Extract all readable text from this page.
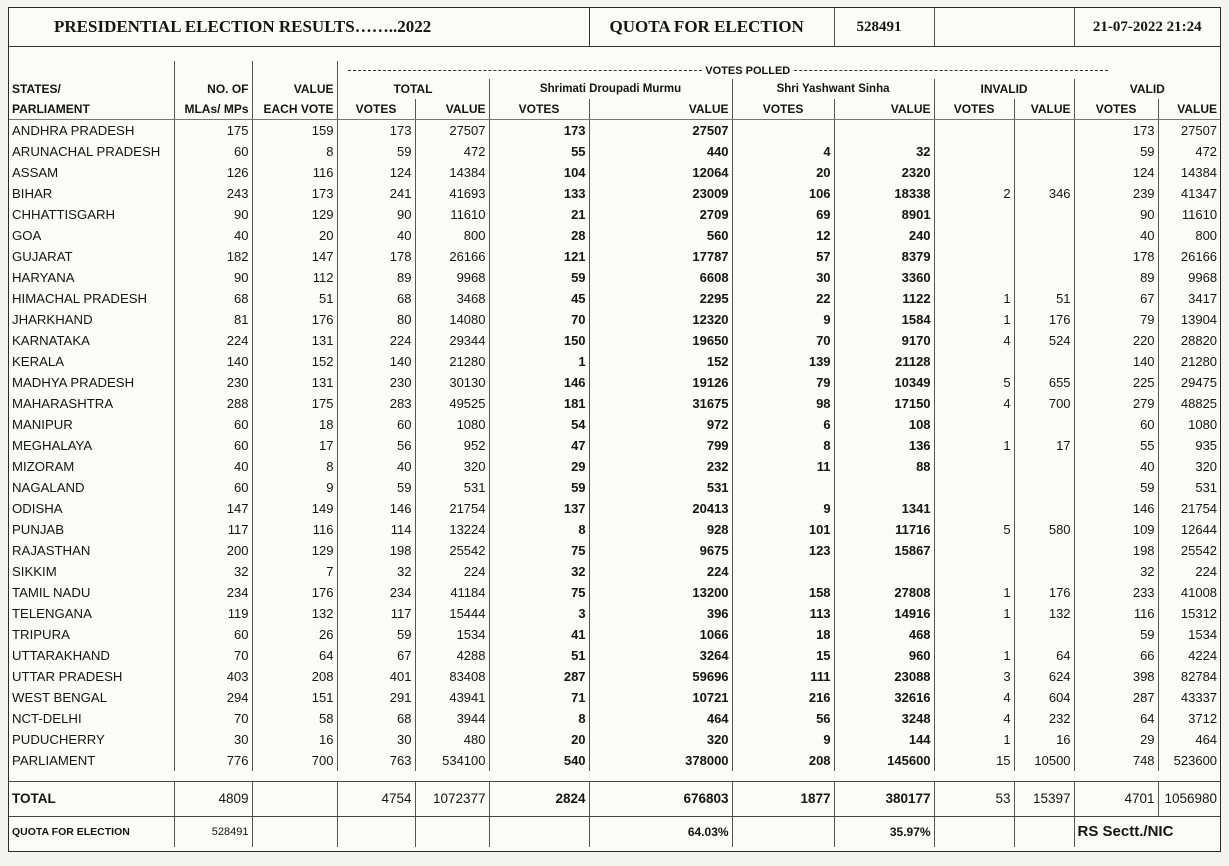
PRESIDENTIAL ELECTION RESULTS……..2022						QUOTA FOR ELECTION		528491			21-07-2022 21:24	

VOTES POLLED									

STATES/	NO. OF	VALUE	TOTAL		Shrimati Droupadi Murmu		Shri Yashwant Sinha		INVALID		VALID	
PARLIAMENT	MLAs/ MPs	EACH VOTE	VOTES	VALUE	VOTES	VALUE	VOTES	VALUE	VOTES	VALUE	VOTES	VALUE
ANDHRA PRADESH	175	159	173	27507	173	27507					173	27507
ARUNACHAL PRADESH	60	8	59	472	55	440	4	32			59	472
ASSAM	126	116	124	14384	104	12064	20	2320			124	14384
BIHAR	243	173	241	41693	133	23009	106	18338	2	346	239	41347
CHHATTISGARH	90	129	90	11610	21	2709	69	8901			90	11610
GOA	40	20	40	800	28	560	12	240			40	800
GUJARAT	182	147	178	26166	121	17787	57	8379			178	26166
HARYANA	90	112	89	9968	59	6608	30	3360			89	9968
HIMACHAL PRADESH	68	51	68	3468	45	2295	22	1122	1	51	67	3417
JHARKHAND	81	176	80	14080	70	12320	9	1584	1	176	79	13904
KARNATAKA	224	131	224	29344	150	19650	70	9170	4	524	220	28820
KERALA	140	152	140	21280	1	152	139	21128			140	21280
MADHYA PRADESH	230	131	230	30130	146	19126	79	10349	5	655	225	29475
MAHARASHTRA	288	175	283	49525	181	31675	98	17150	4	700	279	48825
MANIPUR	60	18	60	1080	54	972	6	108			60	1080
MEGHALAYA	60	17	56	952	47	799	8	136	1	17	55	935
MIZORAM	40	8	40	320	29	232	11	88			40	320
NAGALAND	60	9	59	531	59	531					59	531
ODISHA	147	149	146	21754	137	20413	9	1341			146	21754
PUNJAB	117	116	114	13224	8	928	101	11716	5	580	109	12644
RAJASTHAN	200	129	198	25542	75	9675	123	15867			198	25542
SIKKIM	32	7	32	224	32	224					32	224
TAMIL NADU	234	176	234	41184	75	13200	158	27808	1	176	233	41008
TELENGANA	119	132	117	15444	3	396	113	14916	1	132	116	15312
TRIPURA	60	26	59	1534	41	1066	18	468			59	1534
UTTARAKHAND	70	64	67	4288	51	3264	15	960	1	64	66	4224
UTTAR PRADESH	403	208	401	83408	287	59696	111	23088	3	624	398	82784
WEST BENGAL	294	151	291	43941	71	10721	216	32616	4	604	287	43337
NCT-DELHI	70	58	68	3944	8	464	56	3248	4	232	64	3712
PUDUCHERRY	30	16	30	480	20	320	9	144	1	16	29	464
PARLIAMENT	776	700	763	534100	540	378000	208	145600	15	10500	748	523600

TOTAL	4809		4754	1072377	2824	676803	1877	380177	53	15397	4701	1056980
QUOTA FOR ELECTION	528491					64.03%		35.97%			RS Sectt./NIC	
